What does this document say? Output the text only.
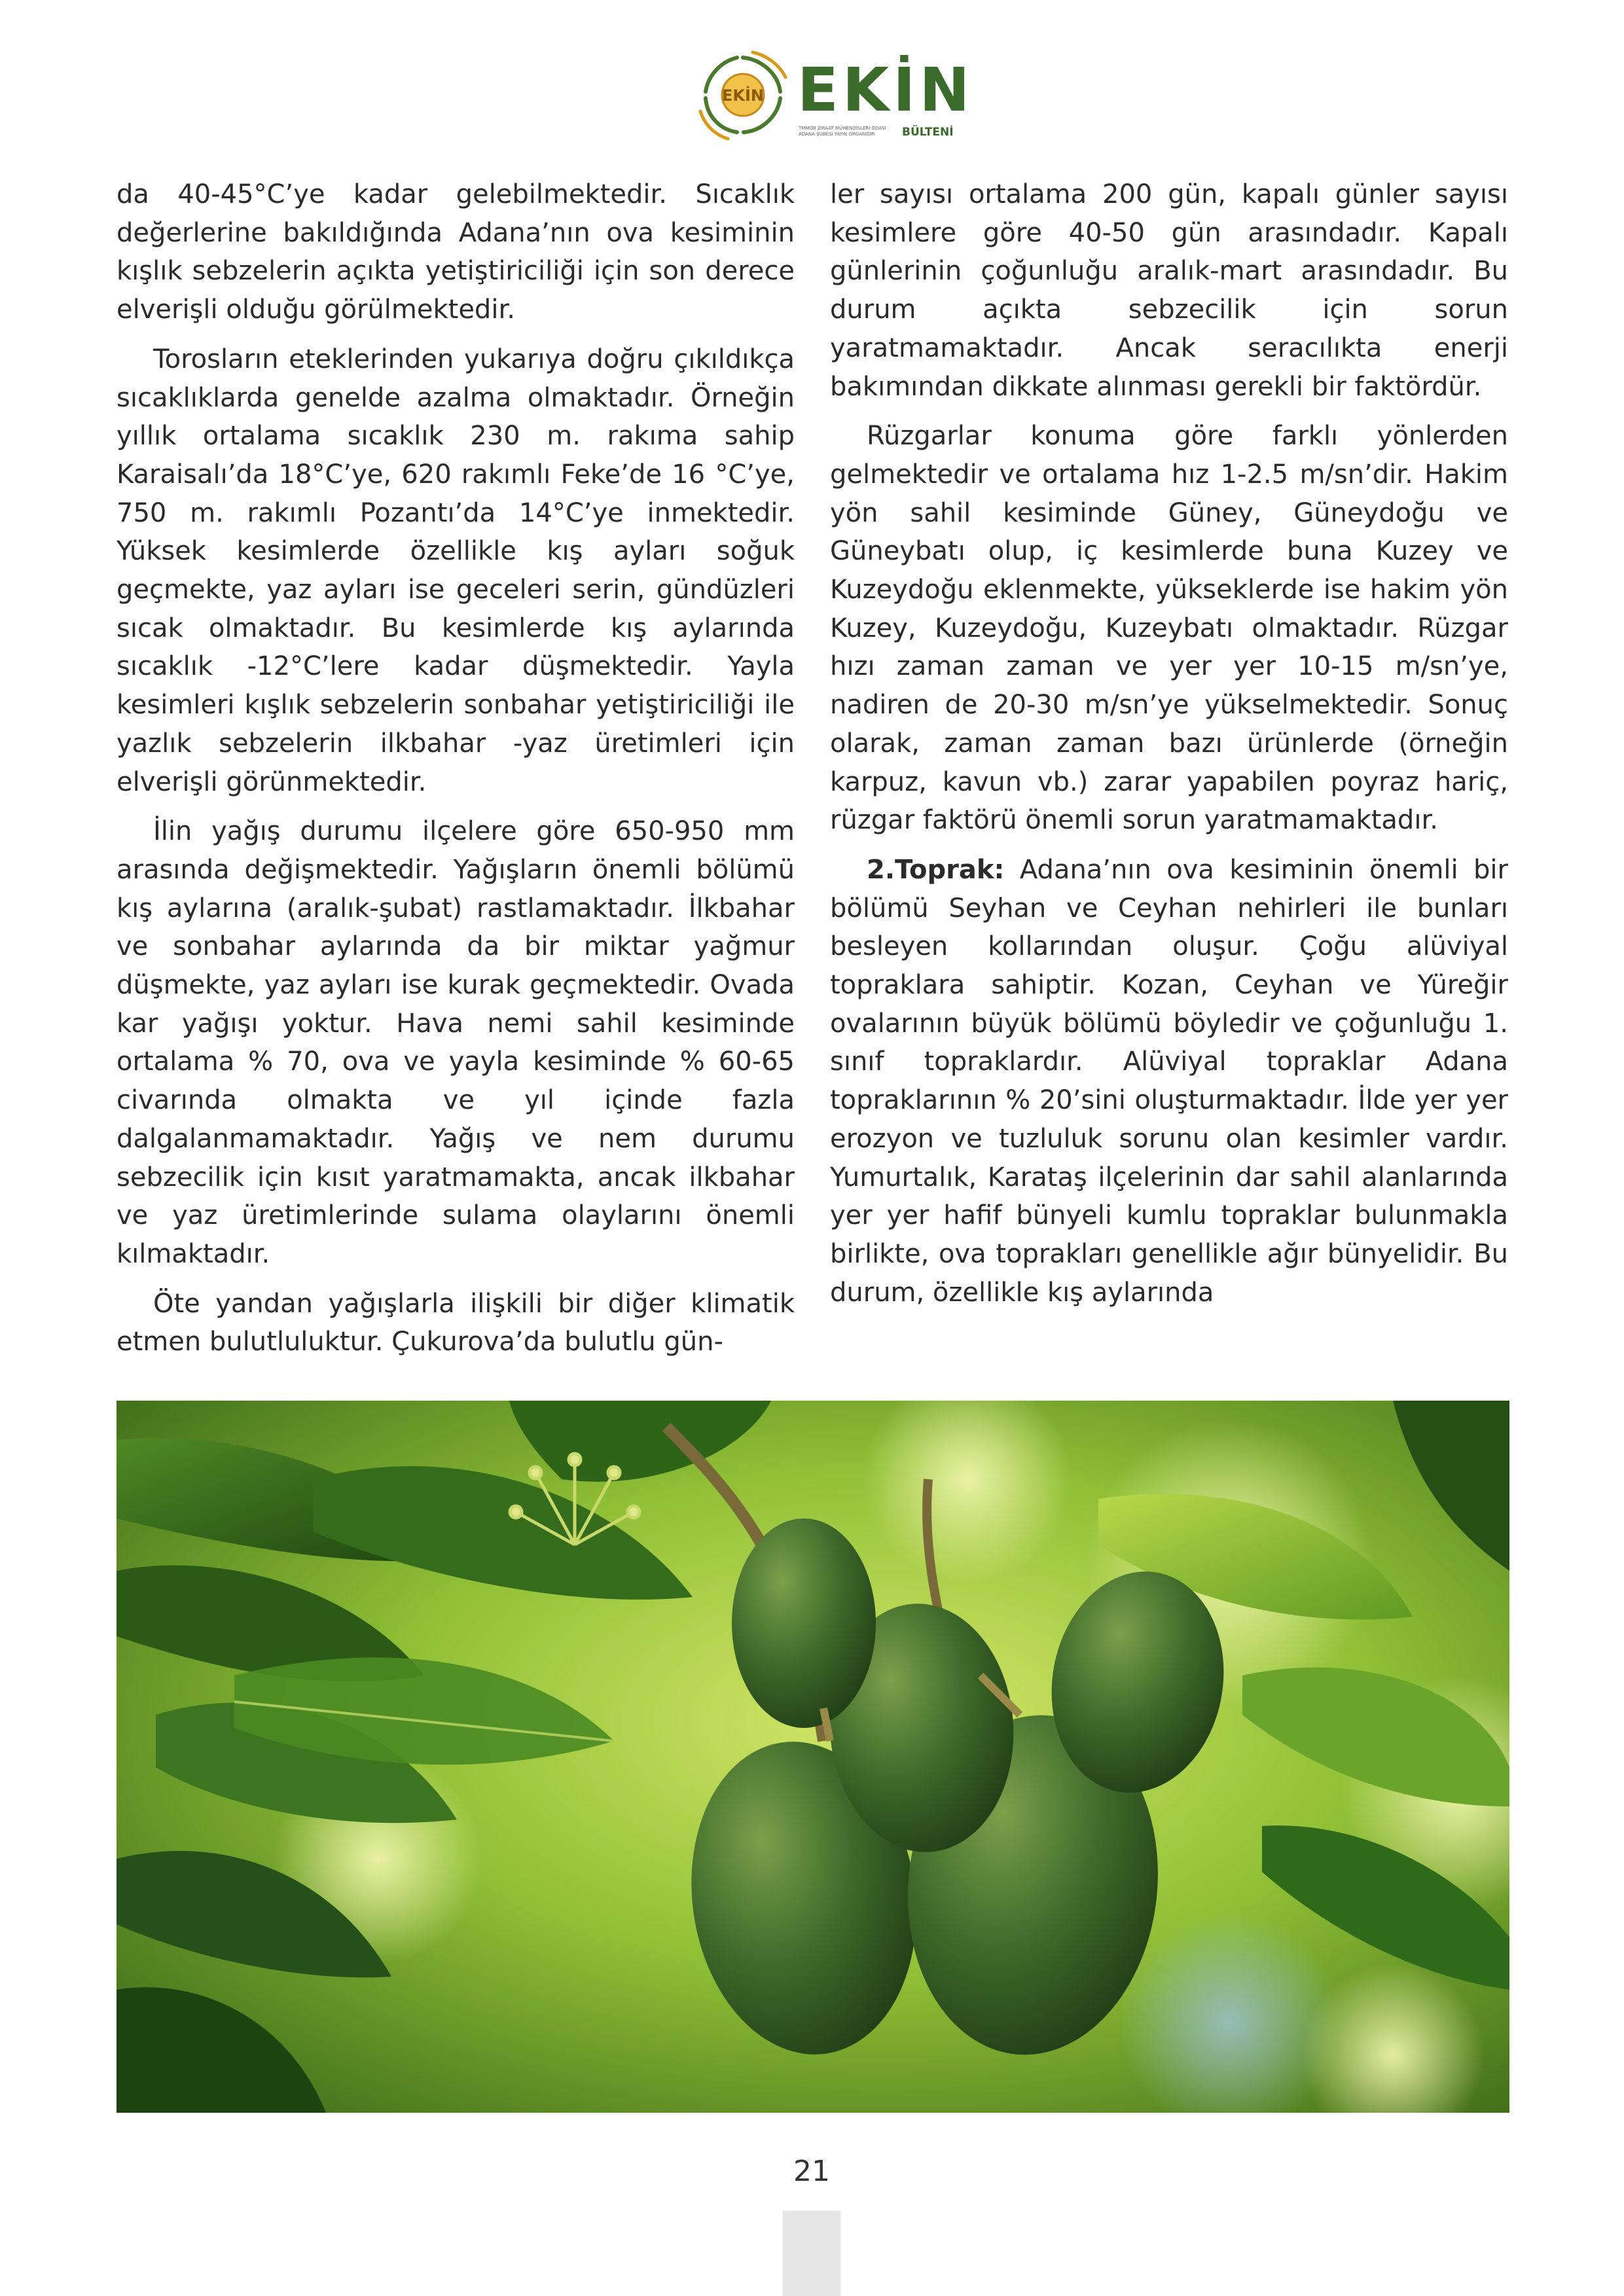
EKİN EKİN
TMMOB ZİRAAT MÜHENDİSLERİ ODASI
ADANA ŞUBESİ YAYIN ORGANIDIR	BÜLTENİ

da 40-45°C’ye kadar gelebilmektedir. Sıcaklık değerlerine bakıldığında Adana’nın ova kesiminin kışlık sebzelerin açıkta yetiştiriciliği için son derece elverişli olduğu görülmektedir.

Torosların eteklerinden yukarıya doğru çıkıldıkça sıcaklıklarda genelde azalma olmaktadır. Örneğin yıllık ortalama sıcaklık 230 m. rakıma sahip Karaisalı’da 18°C’ye, 620 rakımlı Feke’de 16 °C’ye, 750 m. rakımlı Pozantı’da 14°C’ye inmektedir. Yüksek kesimlerde özellikle kış ayları soğuk geçmekte, yaz ayları ise geceleri serin, gündüzleri sıcak olmaktadır. Bu kesimlerde kış aylarında sıcaklık -12°C’lere kadar düşmektedir. Yayla kesimleri kışlık sebzelerin sonbahar yetiştiriciliği ile yazlık sebzelerin ilkbahar -yaz üretimleri için elverişli görünmektedir.

İlin yağış durumu ilçelere göre 650-950 mm arasında değişmektedir. Yağışların önemli bölümü kış aylarına (aralık-şubat) rastlamaktadır. İlkbahar ve sonbahar aylarında da bir miktar yağmur düşmekte, yaz ayları ise kurak geçmektedir. Ovada kar yağışı yoktur. Hava nemi sahil kesiminde ortalama % 70, ova ve yayla kesiminde % 60-65 civarında olmakta ve yıl içinde fazla dalgalanmamaktadır. Yağış ve nem durumu sebzecilik için kısıt yaratmamakta, ancak ilkbahar ve yaz üretimlerinde sulama olaylarını önemli kılmaktadır.

Öte yandan yağışlarla ilişkili bir diğer klimatik etmen bulutluluktur. Çukurova’da bulutlu gün-

ler sayısı ortalama 200 gün, kapalı günler sayısı kesimlere göre 40-50 gün arasındadır. Kapalı günlerinin çoğunluğu aralık-mart arasındadır. Bu durum açıkta sebzecilik için sorun yaratmamaktadır. Ancak seracılıkta enerji bakımından dikkate alınması gerekli bir faktördür.

Rüzgarlar konuma göre farklı yönlerden gelmektedir ve ortalama hız 1-2.5 m/sn’dir. Hakim yön sahil kesiminde Güney, Güneydoğu ve Güneybatı olup, iç kesimlerde buna Kuzey ve Kuzeydoğu eklenmekte, yükseklerde ise hakim yön Kuzey, Kuzeydoğu, Kuzeybatı olmaktadır. Rüzgar hızı zaman zaman ve yer yer 10-15 m/sn’ye, nadiren de 20-30 m/sn’ye yükselmektedir. Sonuç olarak, zaman zaman bazı ürünlerde (örneğin karpuz, kavun vb.) zarar yapabilen poyraz hariç, rüzgar faktörü önemli sorun yaratmamaktadır.

2.Toprak: Adana’nın ova kesiminin önemli bir bölümü Seyhan ve Ceyhan nehirleri ile bunları besleyen kollarından oluşur. Çoğu alüviyal topraklara sahiptir. Kozan, Ceyhan ve Yüreğir ovalarının büyük bölümü böyledir ve çoğunluğu 1. sınıf topraklardır. Alüviyal topraklar Adana topraklarının % 20’sini oluşturmaktadır. İlde yer yer erozyon ve tuzluluk sorunu olan kesimler vardır. Yumurtalık, Karataş ilçelerinin dar sahil alanlarında yer yer hafif bünyeli kumlu topraklar bulunmakla birlikte, ova toprakları genellikle ağır bünyelidir. Bu durum, özellikle kış aylarında

21
